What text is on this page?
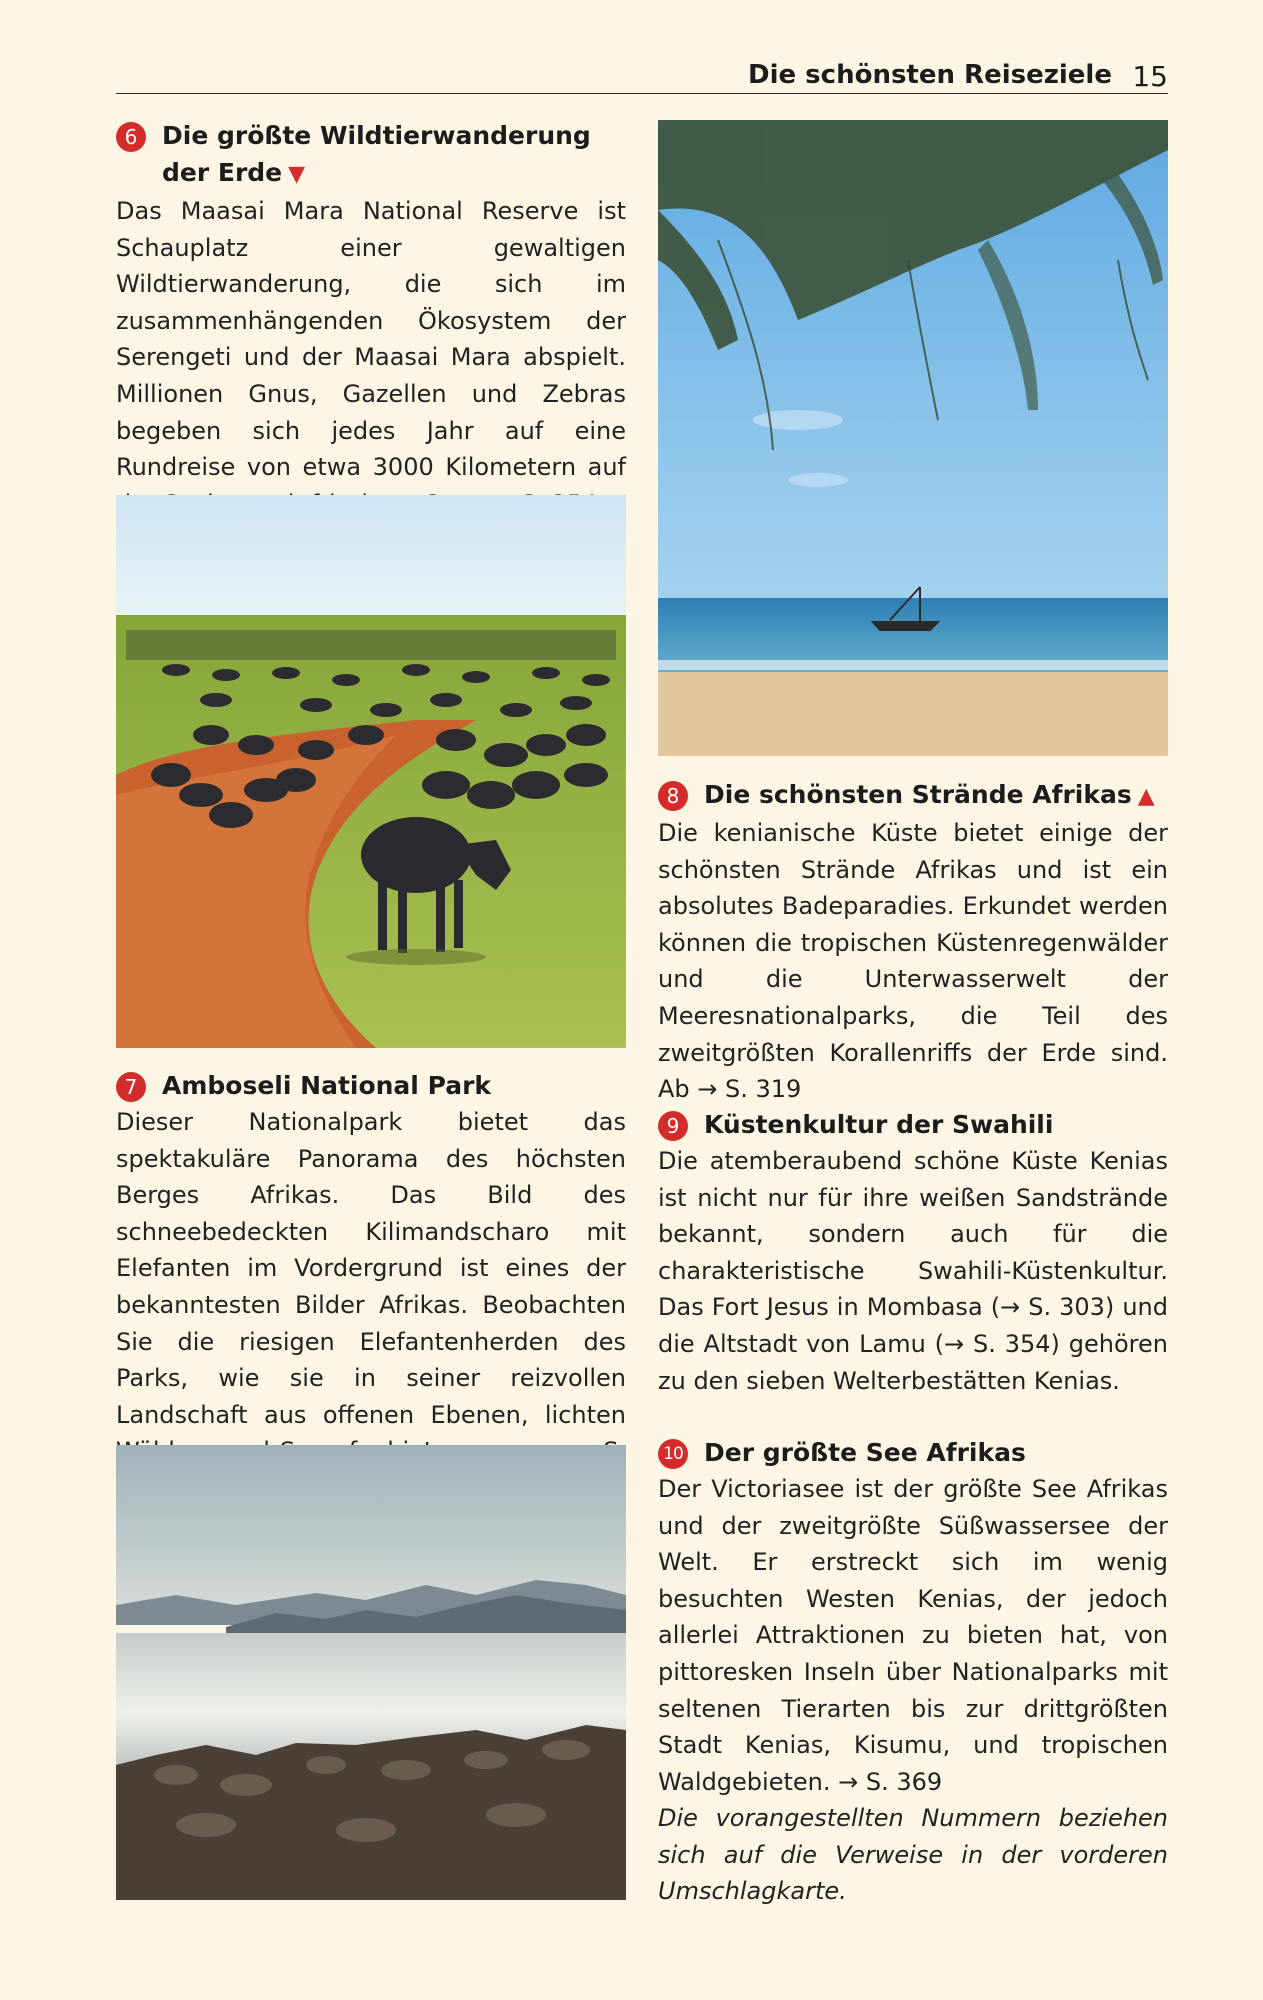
Die schönsten Reiseziele 15
6 Die größte Wildtierwanderung
der Erde ▼

Das Maasai Mara National Reserve ist Schauplatz einer gewaltigen Wildtierwanderung, die sich im zusammenhängenden Ökosystem der Serengeti und der Maasai Mara abspielt. Millionen Gnus, Gazellen und Zebras begeben sich jedes Jahr auf eine Rundreise von etwa 3000 Kilometern auf

7 Amboseli National Park

Dieser Nationalpark bietet das spektakuläre Panorama des höchsten Berges Afrikas. Das Bild des schneebedeckten Kilimandscharo mit Elefanten im Vordergrund ist eines der bekanntesten Bilder Afrikas. Beobachten Sie die riesigen Elefantenherden des Parks, wie sie in seiner reizvollen Landschaft aus offenen Ebenen, lichten

8 Die schönsten Strände Afrikas ▲

Die kenianische Küste bietet einige der schönsten Strände Afrikas und ist ein absolutes Badeparadies. Erkundet werden können die tropischen Küstenregenwälder und die Unterwasserwelt der Meeresnationalparks, die Teil des zweitgrößten Korallenriffs der Erde sind. Ab → S. 319

9 Küstenkultur der Swahili

Die atemberaubend schöne Küste Kenias ist nicht nur für ihre weißen Sandstrände bekannt, sondern auch für die charakteristische Swahili-Küstenkultur. Das Fort Jesus in Mombasa (→ S. 303) und die Altstadt von Lamu (→ S. 354) gehören zu den sieben Welterbestätten Kenias.

10 Der größte See Afrikas

Der Victoriasee ist der größte See Afrikas und der zweitgrößte Süßwassersee der Welt. Er erstreckt sich im wenig besuchten Westen Kenias, der jedoch allerlei Attraktionen zu bieten hat, von pittoresken Inseln über Nationalparks mit seltenen Tierarten bis zur drittgrößten Stadt Kenias, Kisumu, und tropischen Waldgebieten. → S. 369

Die vorangestellten Nummern beziehen sich auf die Verweise in der vorderen Umschlagkarte.
